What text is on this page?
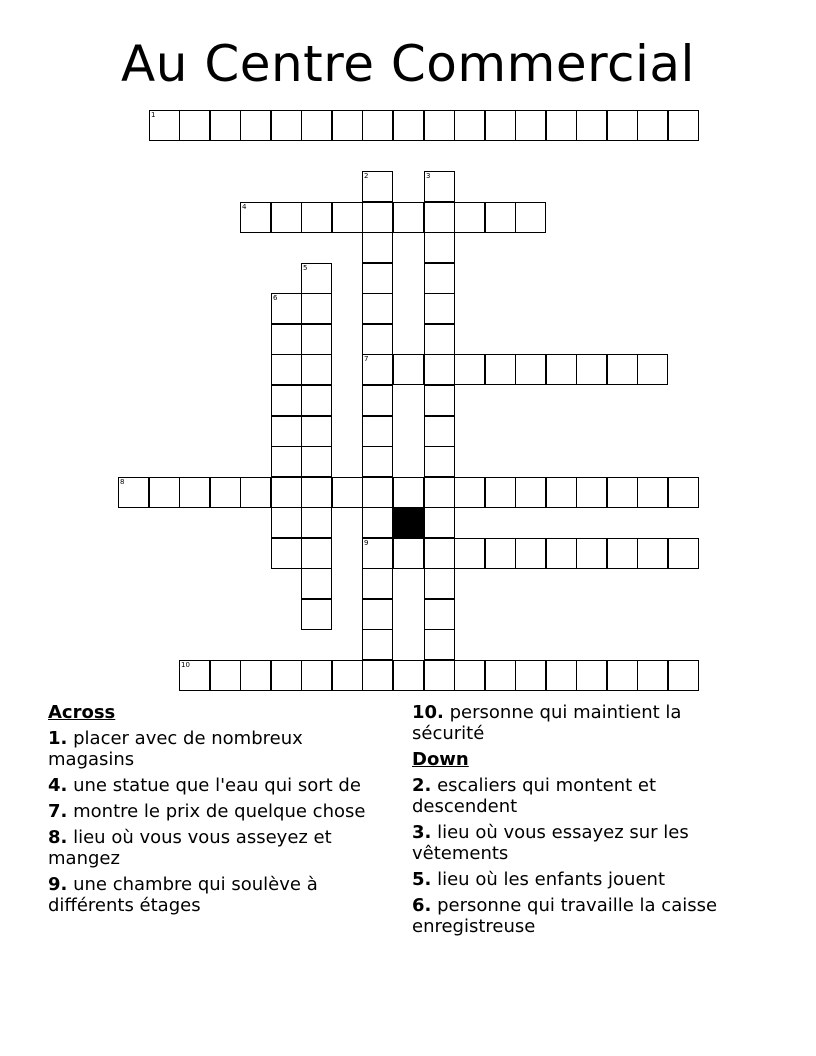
Au Centre Commercial
1
2
7
9
3
4
5
6
8
10
Across
1. placer avec de nombreux magasins
4. une statue que l'eau qui sort de
7. montre le prix de quelque chose
8. lieu où vous vous asseyez et mangez
9. une chambre qui soulève à différents étages
10. personne qui maintient la sécurité
Down
2. escaliers qui montent et descendent
3. lieu où vous essayez sur les vêtements
5. lieu où les enfants jouent
6. personne qui travaille la caisse enregistreuse
